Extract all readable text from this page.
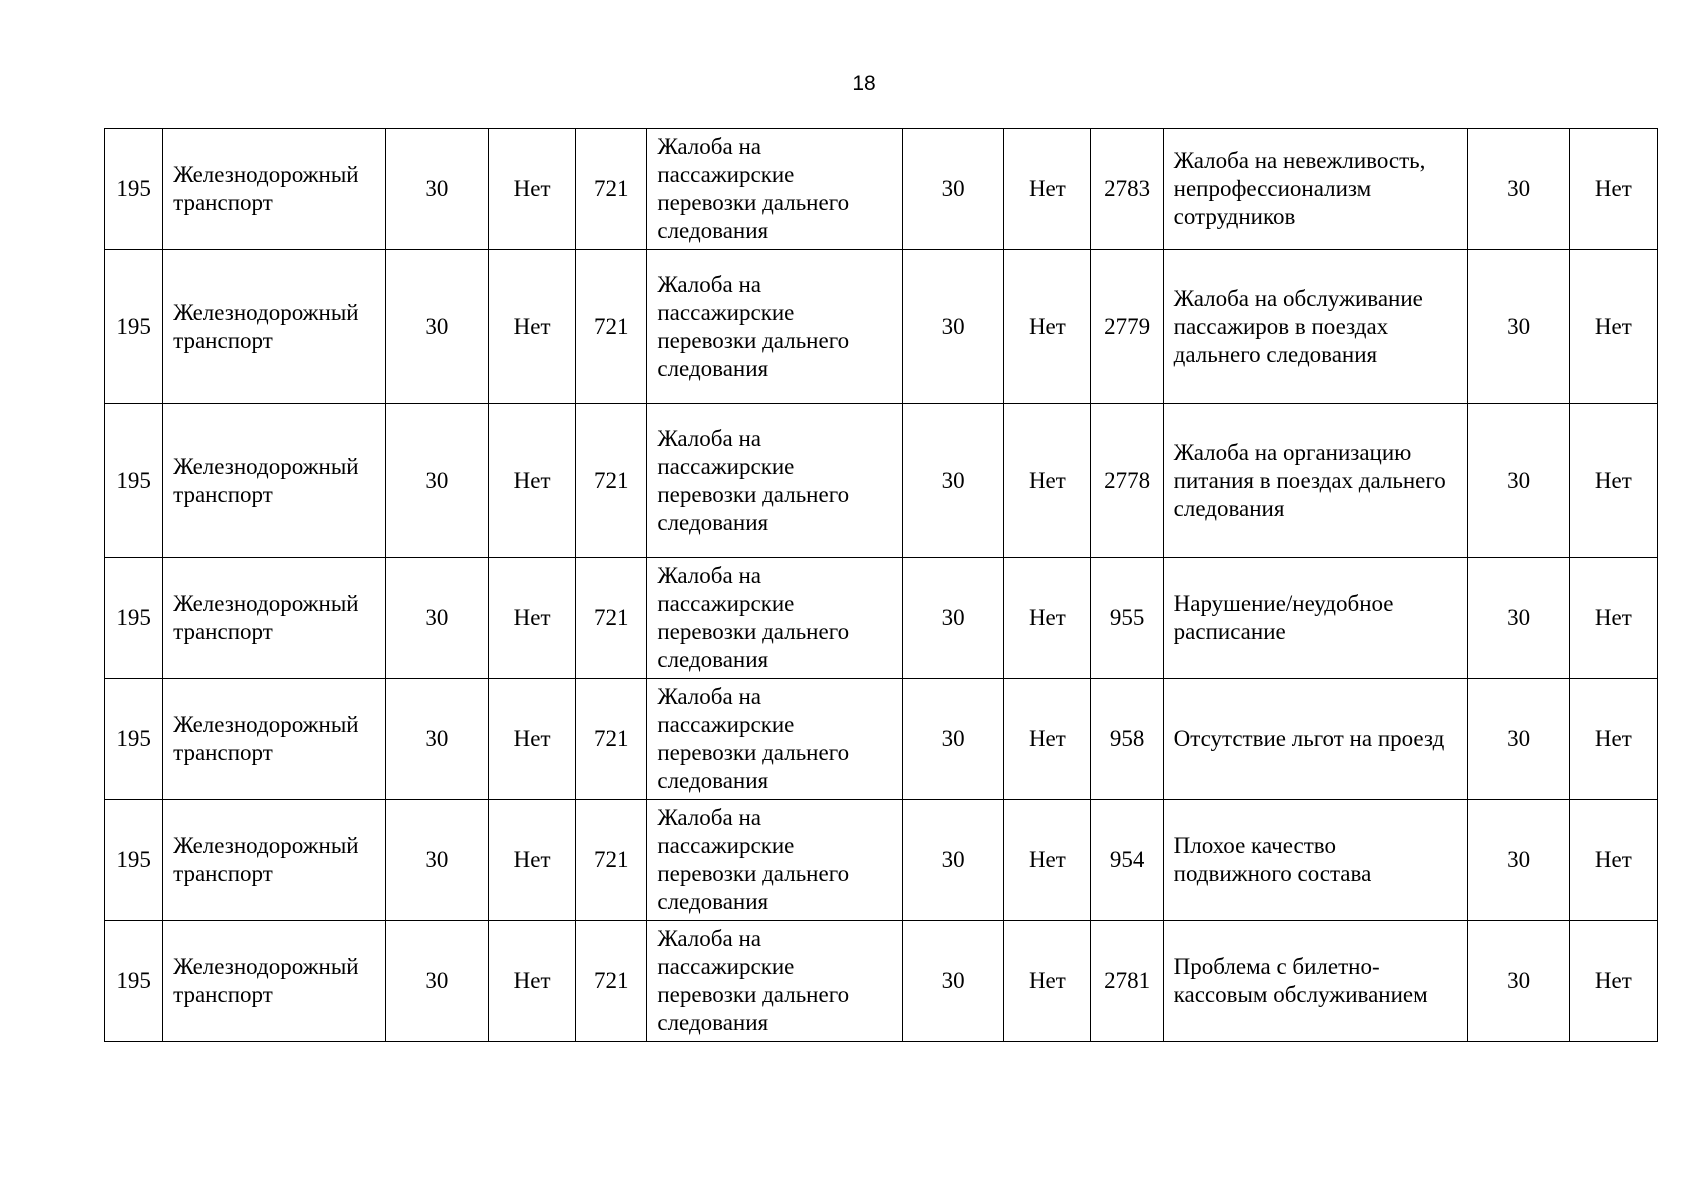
18
195	Железнодорожный транспорт	30	Нет	721	Жалоба на пассажирские перевозки дальнего следования	30	Нет	2783	Жалоба на невежливость, непрофессионализм сотрудников	30	Нет
195	Железнодорожный транспорт	30	Нет	721	Жалоба на пассажирские перевозки дальнего следования	30	Нет	2779	Жалоба на обслуживание пассажиров в поездах дальнего следования	30	Нет
195	Железнодорожный транспорт	30	Нет	721	Жалоба на пассажирские перевозки дальнего следования	30	Нет	2778	Жалоба на организацию питания в поездах дальнего следования	30	Нет
195	Железнодорожный транспорт	30	Нет	721	Жалоба на пассажирские перевозки дальнего следования	30	Нет	955	Нарушение/неудобное расписание	30	Нет
195	Железнодорожный транспорт	30	Нет	721	Жалоба на пассажирские перевозки дальнего следования	30	Нет	958	Отсутствие льгот на проезд	30	Нет
195	Железнодорожный транспорт	30	Нет	721	Жалоба на пассажирские перевозки дальнего следования	30	Нет	954	Плохое качество подвижного состава	30	Нет
195	Железнодорожный транспорт	30	Нет	721	Жалоба на пассажирские перевозки дальнего следования	30	Нет	2781	Проблема с билетно-кассовым обслуживанием	30	Нет
